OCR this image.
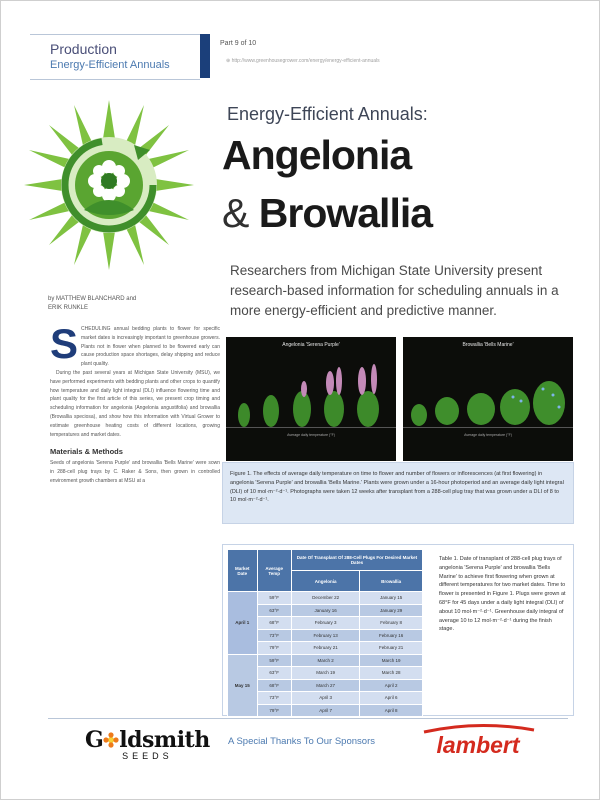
Production
Energy-Efficient Annuals
Part 9 of 10
⊕ http://www.greenhousegrower.com/energy/energy-efficient-annuals
Energy-Efficient Annuals:
Angelonia
& Browallia
Researchers from Michigan State University present research-based information for scheduling annuals in a more energy-efficient and predictive manner.
by MATTHEW BLANCHARD and
ERIK RUNKLE
S CHEDULING annual bedding plants to flower for specific market dates is increasingly important to greenhouse growers. Plants not in flower when planned to be flowered early can cause production space shortages, delay shipping and reduce plant quality.

During the past several years at Michigan State University (MSU), we have performed experiments with bedding plants and other crops to quantify how temperature and daily light integral (DLI) influence flowering time and plant quality for the first article of this series, we present crop timing and scheduling information for angelonia (Angelonia angustifolia) and browallia (Browallia speciosa), and show how this information with Virtual Grower to estimate greenhouse heating costs of different locations, growing temperatures and market dates.

Materials & Methods
Seeds of angelonia 'Serena Purple' and browallia 'Bells Marine' were sown in 288-cell plug trays by C. Raker & Sons, then grown in controlled environment growth chambers at MSU at a
Angelonia 'Serena Purple'
Average daily temperature (°F)
Browallia 'Bells Marine'
Average daily temperature (°F)
Figure 1. The effects of average daily temperature on time to flower and number of flowers or inflorescences (at first flowering) in angelonia 'Serena Purple' and browallia 'Bells Marine.' Plants were grown under a 16-hour photoperiod and an average daily light integral (DLI) of 10 mol·m⁻²·d⁻¹. Photographs were taken 12 weeks after transplant from a 288-cell plug tray that was grown under a DLI of 8 to 10 mol·m⁻²·d⁻¹.
Market Date	Average Temp	Date Of Transplant Of 288-Cell Plugs For Desired Market Dates	
		Angelonia	Browallia
April 1	59°F	December 22	January 15
	63°F	January 16	January 29
	68°F	February 3	February 8
	73°F	February 13	February 16
	79°F	February 21	February 21
May 15	59°F	March 2	March 19
	63°F	March 19	March 28
	68°F	March 27	April 2
	73°F	April 3	April 6
	79°F	April 7	April 8
Table 1. Date of transplant of 288-cell plug trays of angelonia 'Serena Purple' and browallia 'Bells Marine' to achieve first flowering when grown at different temperatures for two market dates. Time to flower is presented in Figure 1. Plugs were grown at 68°F for 45 days under a daily light integral (DLI) of about 10 mol·m⁻²·d⁻¹. Greenhouse daily integral of average 10 to 12 mol·m⁻²·d⁻¹ during the finish stage.
G ldsmith
SEEDS
A Special Thanks To Our Sponsors	lambert
